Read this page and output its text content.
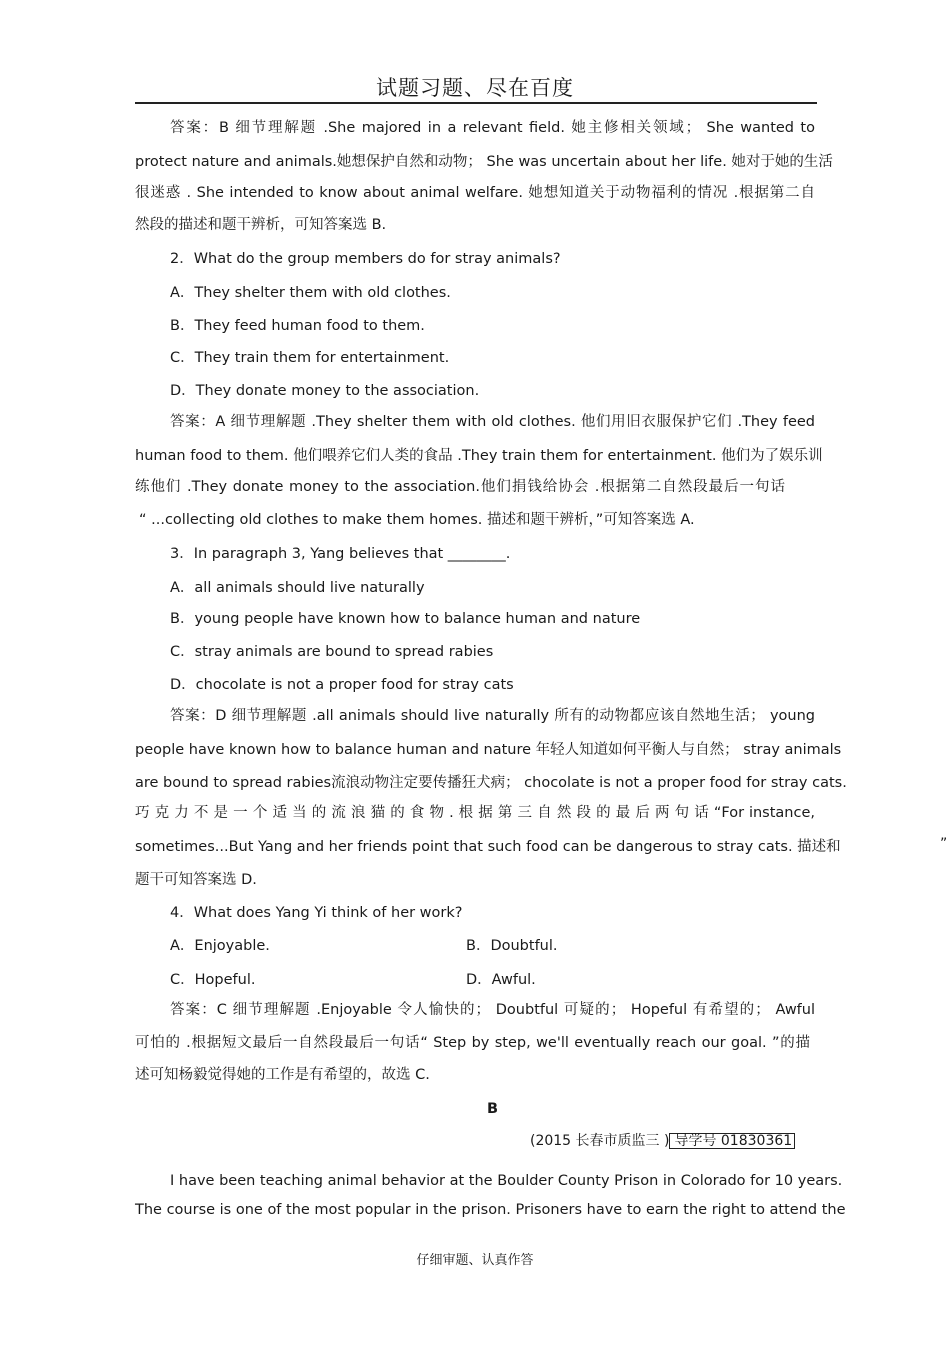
试题习题、尽在百度
答案：B 细节理解题 .She majored in a relevant field. 她主修相关领域； She wanted to
protect nature and animals.她想保护自然和动物； She was uncertain about her life. 她对于她的生活
很迷惑 . She intended to know about animal welfare. 她想知道关于动物福利的情况 .根据第二自
然段的描述和题干辨析，可知答案选 B.
2．What do the group members do for stray animals?
A．They shelter them with old clothes.
B．They feed human food to them.
C．They train them for entertainment.
D．They donate money to the association.
答案：A 细节理解题 .They shelter them with old clothes. 他们用旧衣服保护它们 .They feed
human food to them. 他们喂养它们人类的食品 .They train them for entertainment. 他们为了娱乐训
练他们 .They donate money to the association.他们捐钱给协会 .根据第二自然段最后一句话
“ ...collecting old clothes to make them homes. 描述和题干辨析，”可知答案选 A.
3．In paragraph 3, Yang believes that ________.
A．all animals should live naturally
B．young people have known how to balance human and nature
C．stray animals are bound to spread rabies
D．chocolate is not a proper food for stray cats
答案：D 细节理解题 .all animals should live naturally 所有的动物都应该自然地生活； young
people have known how to balance human and nature 年轻人知道如何平衡人与自然； stray animals
are bound to spread rabies流浪动物注定要传播狂犬病； chocolate is not a proper food for stray cats.
巧 克 力 不 是 一 个 适 当 的 流 浪 猫 的 食 物 . 根 据 第 三 自 然 段 的 最 后 两 句 话 “For instance,
sometimes...But Yang and her friends point that such food can be dangerous to stray cats. 描述和	”
题干可知答案选 D.
4．What does Yang Yi think of her work?
A．Enjoyable.	B．Doubtful.
C．Hopeful.	D．Awful.
答案：C 细节理解题 .Enjoyable 令人愉快的； Doubtful 可疑的； Hopeful 有希望的； Awful
可怕的 .根据短文最后一自然段最后一句话“ Step by step, we'll eventually reach our goal. ”的描
述可知杨毅觉得她的工作是有希望的，故选 C.
B
(2015 长春市质监三 ) 导学号 01830361
I have been teaching animal behavior at the Boulder County Prison in Colorado for 10 years.
The course is one of the most popular in the prison. Prisoners have to earn the right to attend the
仔细审题、认真作答
